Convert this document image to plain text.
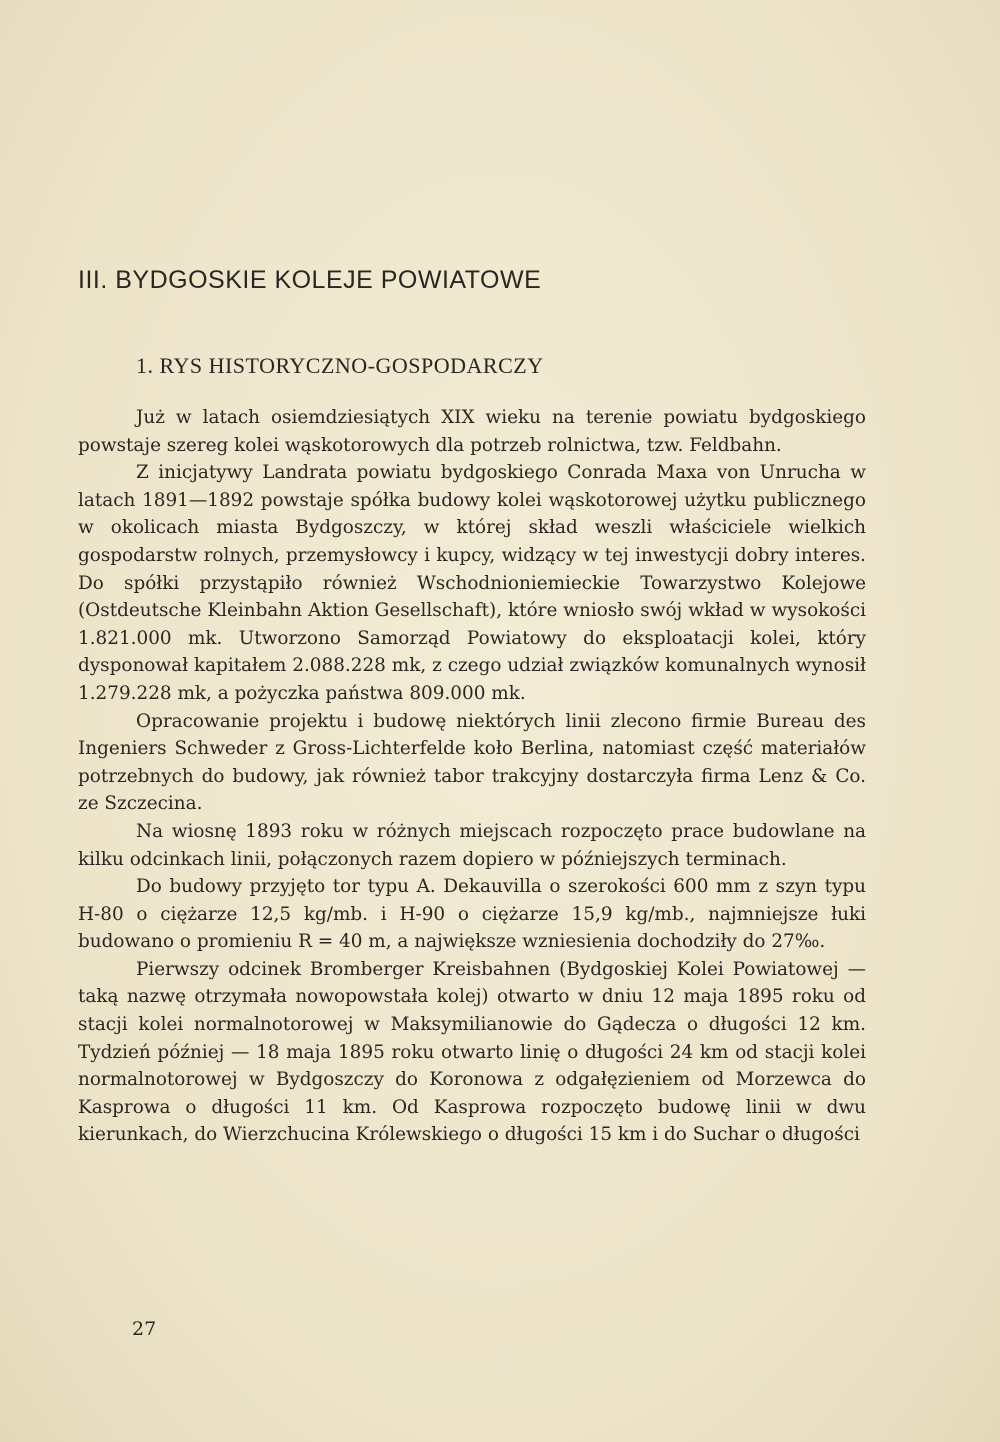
III. BYDGOSKIE KOLEJE POWIATOWE
1. RYS HISTORYCZNO-GOSPODARCZY

Już w latach osiemdziesiątych XIX wieku na terenie powiatu bydgoskiego powstaje szereg kolei wąskotorowych dla potrzeb rolnictwa, tzw. Feldbahn.

Z inicjatywy Landrata powiatu bydgoskiego Conrada Maxa von Unrucha w latach 1891—1892 powstaje spółka budowy kolei wąskotorowej użytku publicznego w okolicach miasta Bydgoszczy, w której skład weszli właściciele wielkich gospodarstw rolnych, przemysłowcy i kupcy, widzący w tej inwestycji dobry interes. Do spółki przystąpiło również Wschodnioniemieckie Towarzystwo Kolejowe (Ostdeutsche Kleinbahn Aktion Gesellschaft), które wniosło swój wkład w wysokości 1.821.000 mk. Utworzono Samorząd Powiatowy do eksploatacji kolei, który dysponował kapitałem 2.088.228 mk, z czego udział związków komunalnych wynosił 1.279.228 mk, a pożyczka państwa 809.000 mk.

Opracowanie projektu i budowę niektórych linii zlecono firmie Bureau des Ingeniers Schweder z Gross-Lichterfelde koło Berlina, natomiast część materiałów potrzebnych do budowy, jak również tabor trakcyjny dostarczyła firma Lenz & Co. ze Szczecina.

Na wiosnę 1893 roku w różnych miejscach rozpoczęto prace budowlane na kilku odcinkach linii, połączonych razem dopiero w późniejszych terminach.

Do budowy przyjęto tor typu A. Dekauvilla o szerokości 600 mm z szyn typu H-80 o ciężarze 12,5 kg/mb. i H-90 o ciężarze 15,9 kg/mb., najmniejsze łuki budowano o promieniu R = 40 m, a największe wzniesienia dochodziły do 27‰.

Pierwszy odcinek Bromberger Kreisbahnen (Bydgoskiej Kolei Powiatowej — taką nazwę otrzymała nowopowstała kolej) otwarto w dniu 12 maja 1895 roku od stacji kolei normalnotorowej w Maksymilianowie do Gądecza o długości 12 km. Tydzień później — 18 maja 1895 roku otwarto linię o długości 24 km od stacji kolei normalnotorowej w Bydgoszczy do Koronowa z odgałęzieniem od Morzewca do Kasprowa o długości 11 km. Od Kasprowa rozpoczęto budowę linii w dwu kierunkach, do Wierzchucina Królewskiego o długości 15 km i do Suchar o długości

27
